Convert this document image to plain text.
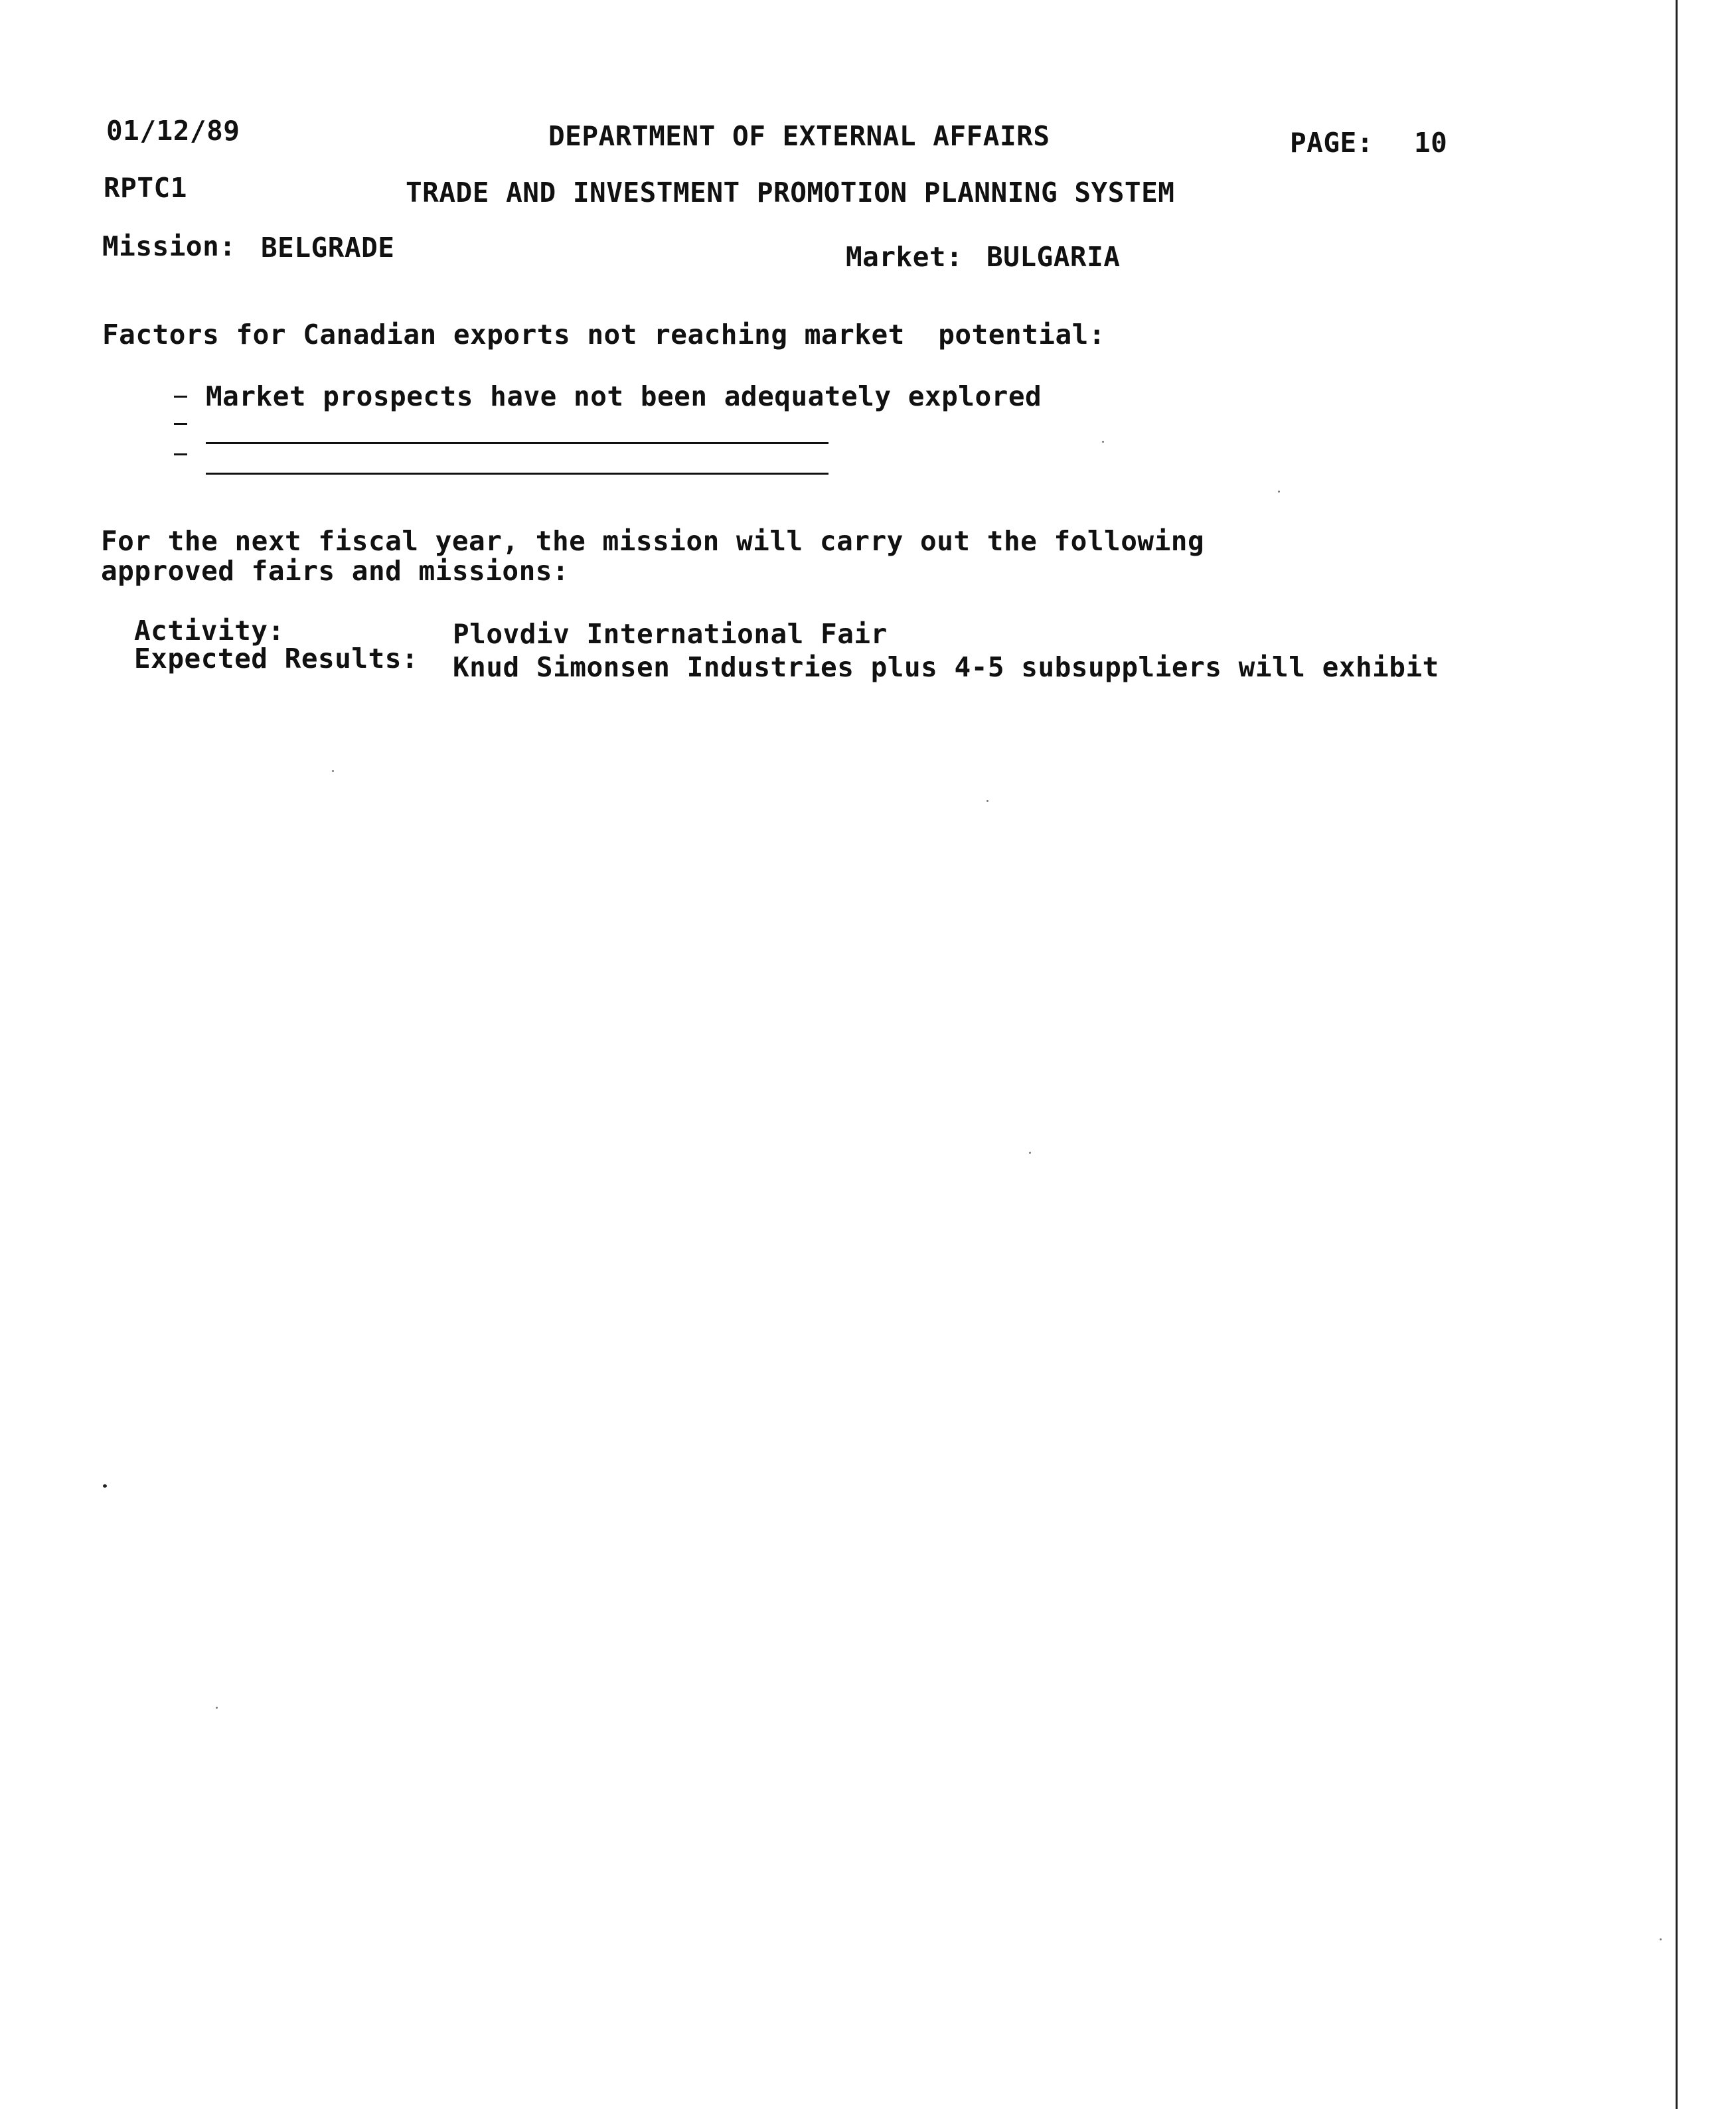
01/12/89	DEPARTMENT OF EXTERNAL AFFAIRS	PAGE: 10
RPTC1	TRADE AND INVESTMENT PROMOTION PLANNING SYSTEM
Mission: BELGRADE	Market: BULGARIA
Factors for Canadian exports not reaching market  potential:
Market prospects have not been adequately explored
For the next fiscal year, the mission will carry out the following
approved fairs and missions:
Activity:	Plovdiv International Fair
Expected Results: Knud Simonsen Industries plus 4-5 subsuppliers will exhibit
